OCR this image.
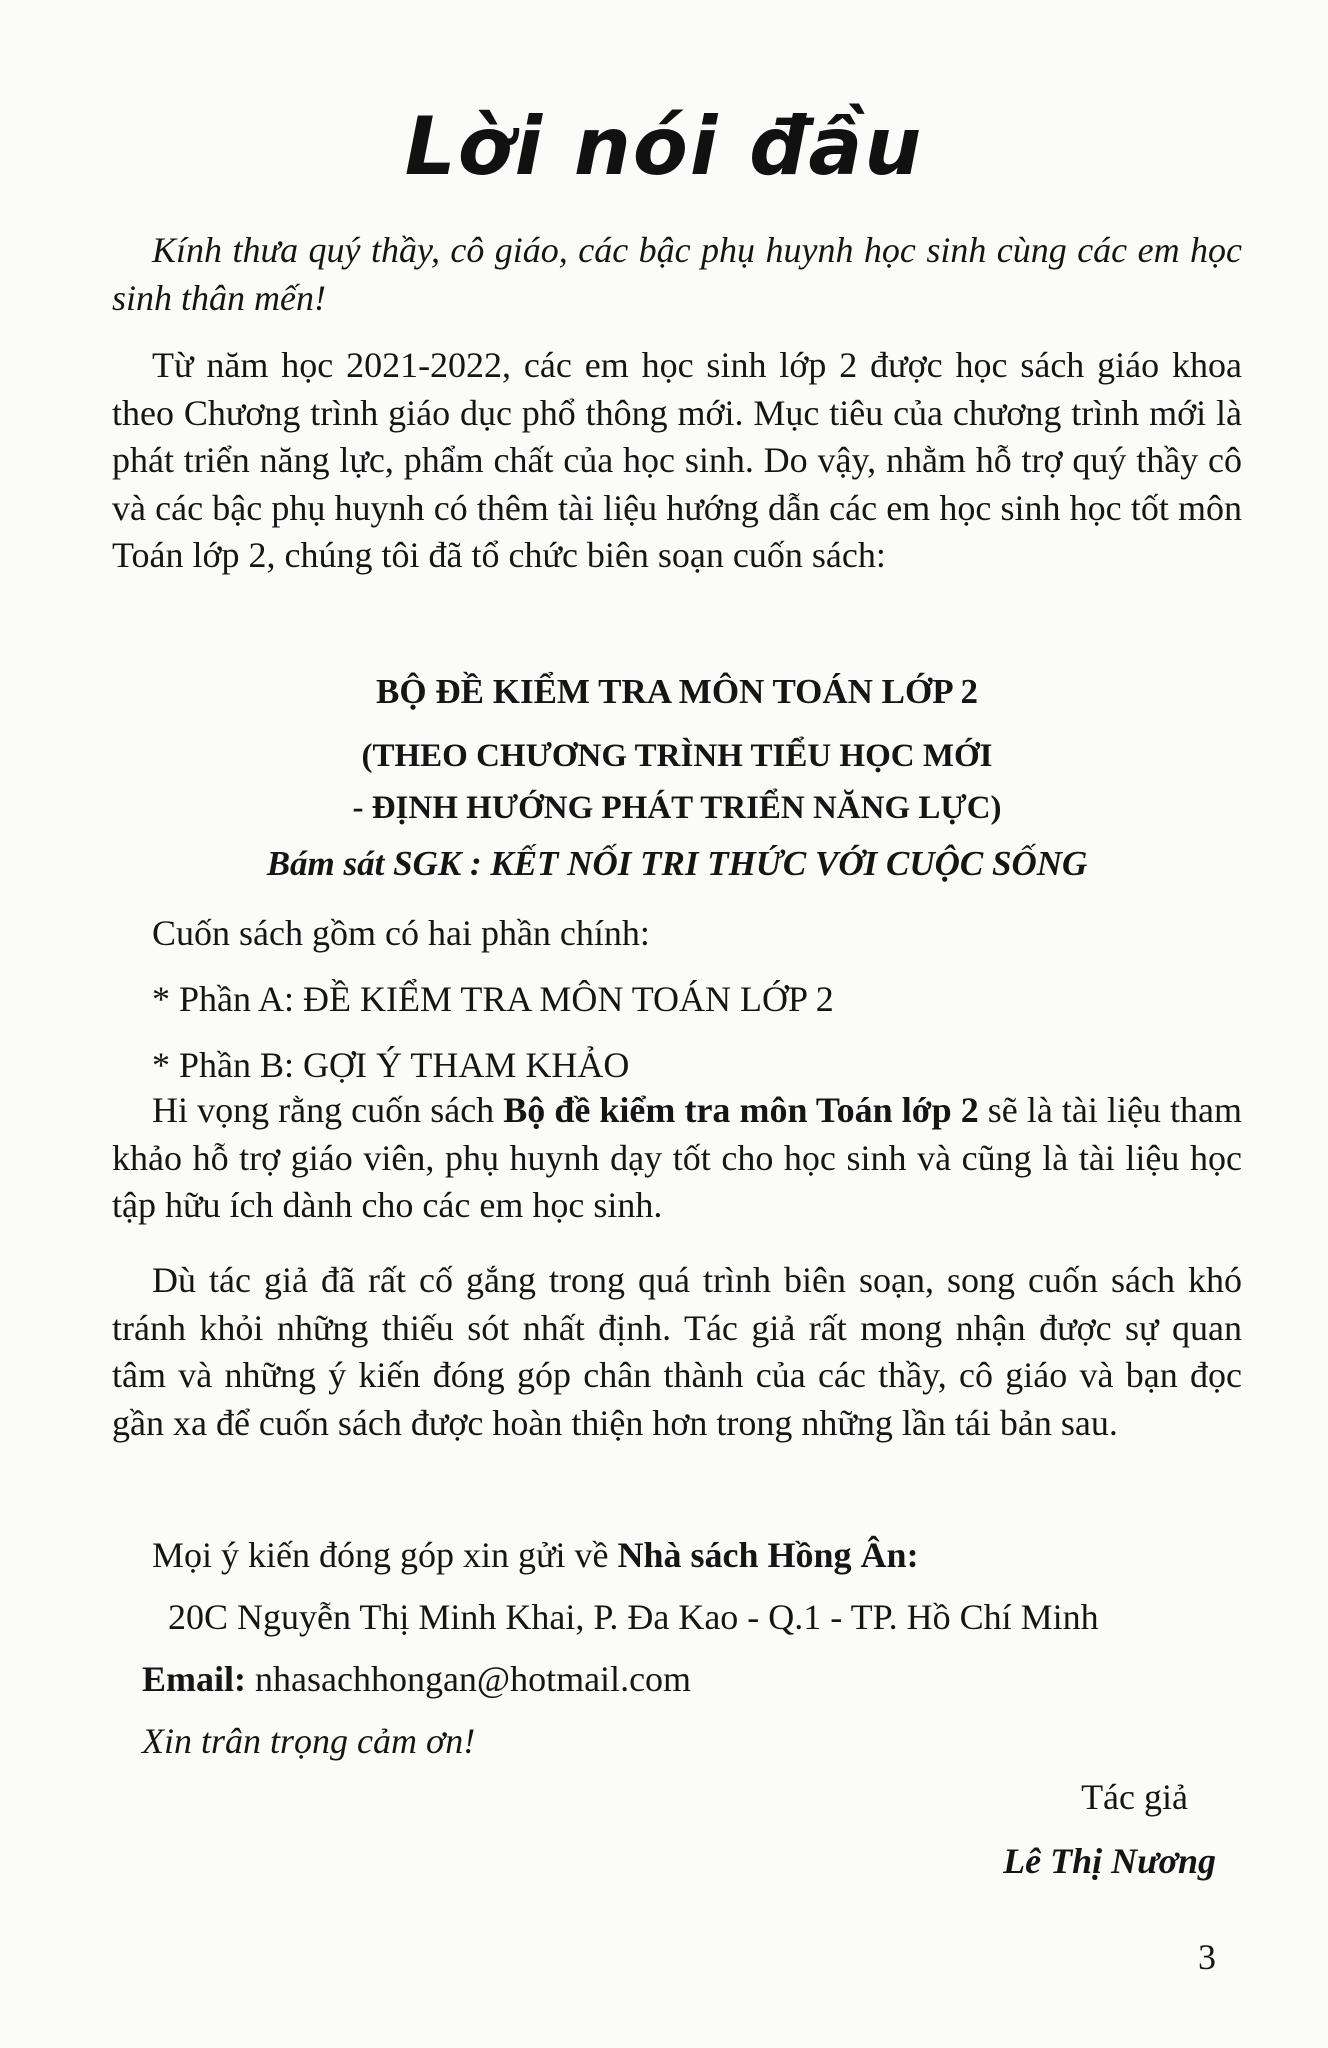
Lời nói đầu

Kính thưa quý thầy, cô giáo, các bậc phụ huynh học sinh cùng các em học sinh thân mến!

Từ năm học 2021-2022, các em học sinh lớp 2 được học sách giáo khoa theo Chương trình giáo dục phổ thông mới. Mục tiêu của chương trình mới là phát triển năng lực, phẩm chất của học sinh. Do vậy, nhằm hỗ trợ quý thầy cô và các bậc phụ huynh có thêm tài liệu hướng dẫn các em học sinh học tốt môn Toán lớp 2, chúng tôi đã tổ chức biên soạn cuốn sách:

BỘ ĐỀ KIỂM TRA MÔN TOÁN LỚP 2
(THEO CHƯƠNG TRÌNH TIỂU HỌC MỚI
- ĐỊNH HƯỚNG PHÁT TRIỂN NĂNG LỰC)
Bám sát SGK : KẾT NỐI TRI THỨC VỚI CUỘC SỐNG
Cuốn sách gồm có hai phần chính:
* Phần A: ĐỀ KIỂM TRA MÔN TOÁN LỚP 2
* Phần B: GỢI Ý THAM KHẢO

Hi vọng rằng cuốn sách Bộ đề kiểm tra môn Toán lớp 2 sẽ là tài liệu tham khảo hỗ trợ giáo viên, phụ huynh dạy tốt cho học sinh và cũng là tài liệu học tập hữu ích dành cho các em học sinh.

Dù tác giả đã rất cố gắng trong quá trình biên soạn, song cuốn sách khó tránh khỏi những thiếu sót nhất định. Tác giả rất mong nhận được sự quan tâm và những ý kiến đóng góp chân thành của các thầy, cô giáo và bạn đọc gần xa để cuốn sách được hoàn thiện hơn trong những lần tái bản sau.

Mọi ý kiến đóng góp xin gửi về Nhà sách Hồng Ân:
20C Nguyễn Thị Minh Khai, P. Đa Kao - Q.1 - TP. Hồ Chí Minh
Email: nhasachhongan@hotmail.com
Xin trân trọng cảm ơn!
Tác giả
Lê Thị Nương
3
